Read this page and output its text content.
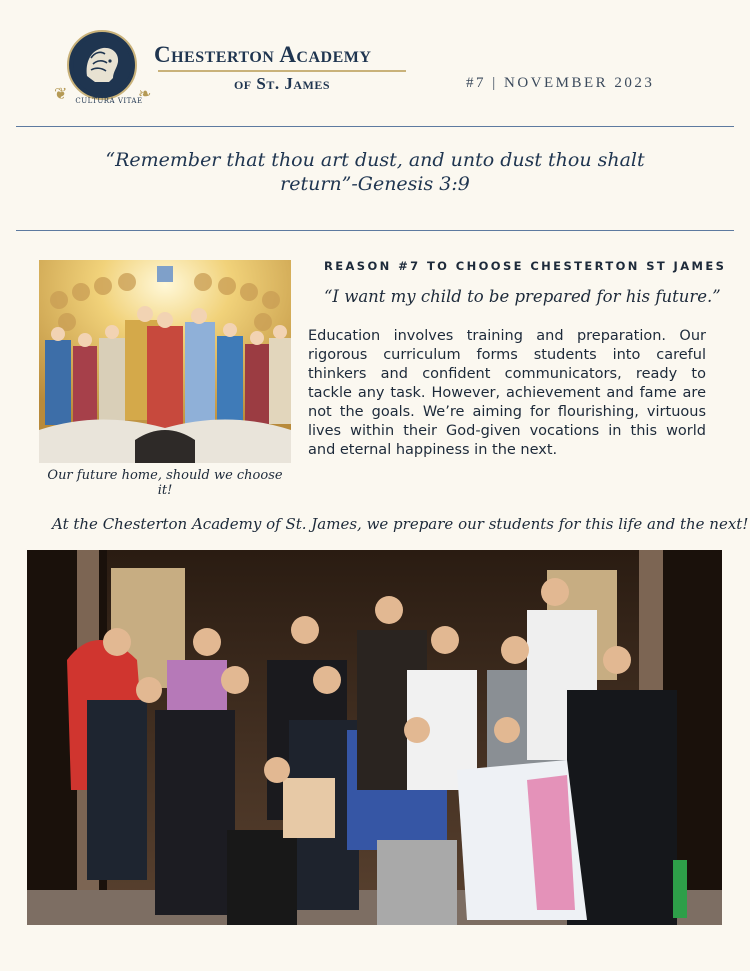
❦	❧
CULTURA VITAE
Chesterton Academy
of St. James	#7 | NOVEMBER 2023
“Remember that thou art dust, and unto dust thou shalt return”-Genesis 3:9
Our future home, should we choose it!
REASON #7 TO CHOOSE CHESTERTON ST JAMES
“I want my child to be prepared for his future.”
Education involves training and preparation. Our rigorous curriculum forms students into careful thinkers and confident communicators, ready to tackle any task. However, achievement and fame are not the goals. We’re aiming for flourishing, virtuous lives within their God-given vocations in this world and eternal happiness in the next.
At the Chesterton Academy of St. James, we prepare our students for this life and the next!
